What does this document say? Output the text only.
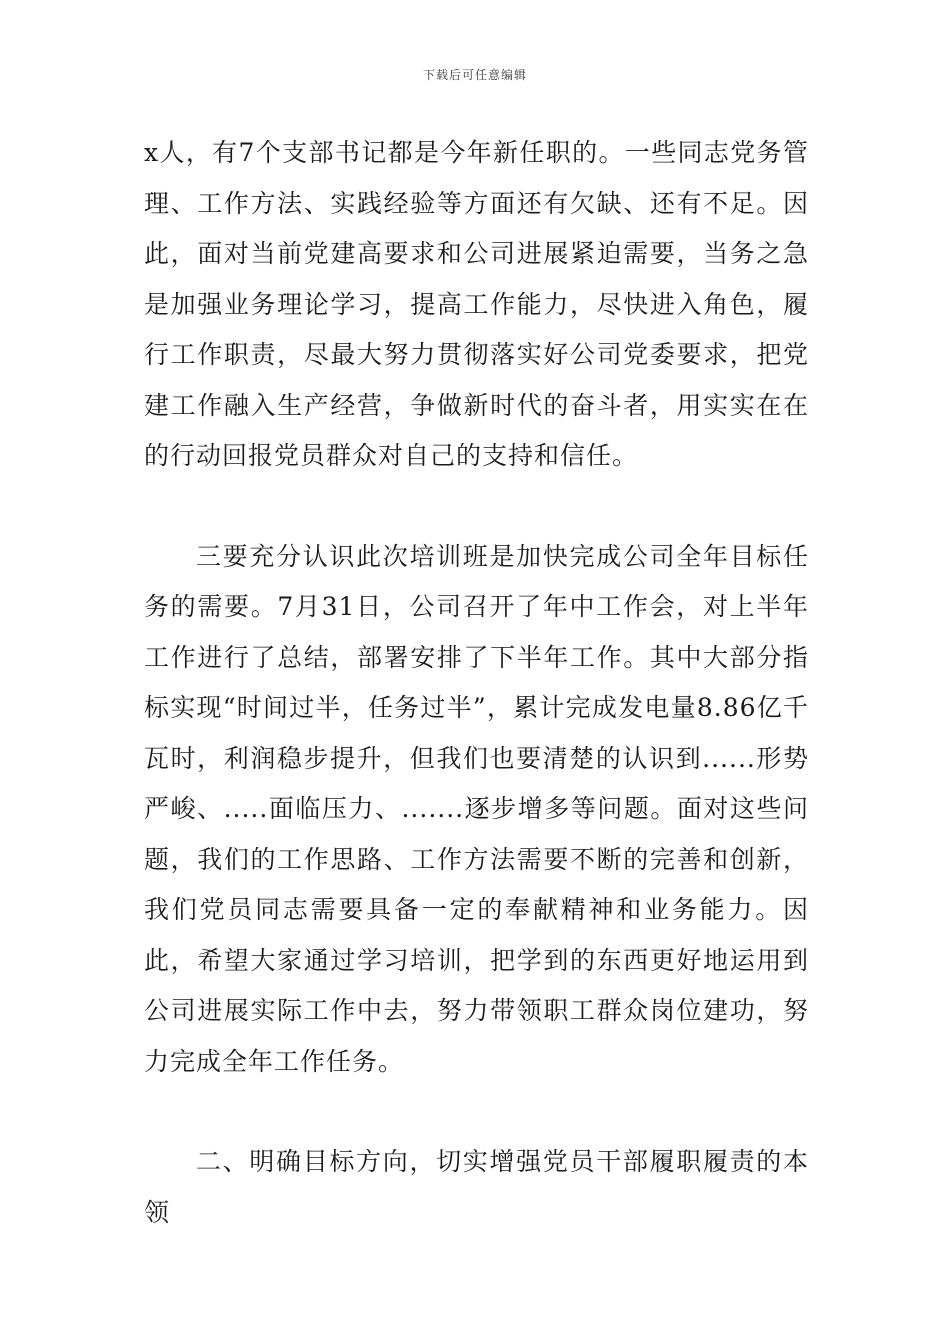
下载后可任意编辑

x人，有7个支部书记都是今年新任职的。一些同志党务管理、工作方法、实践经验等方面还有欠缺、还有不足。因此，面对当前党建高要求和公司进展紧迫需要，当务之急是加强业务理论学习，提高工作能力，尽快进入角色，履行工作职责，尽最大努力贯彻落实好公司党委要求，把党建工作融入生产经营，争做新时代的奋斗者，用实实在在的行动回报党员群众对自己的支持和信任。

三要充分认识此次培训班是加快完成公司全年目标任务的需要。7月31日，公司召开了年中工作会，对上半年工作进行了总结，部署安排了下半年工作。其中大部分指标实现“时间过半，任务过半”，累计完成发电量8.86亿千瓦时，利润稳步提升，但我们也要清楚的认识到......形势严峻、.....面临压力、.......逐步增多等问题。面对这些问题，我们的工作思路、工作方法需要不断的完善和创新，我们党员同志需要具备一定的奉献精神和业务能力。因此，希望大家通过学习培训，把学到的东西更好地运用到公司进展实际工作中去，努力带领职工群众岗位建功，努力完成全年工作任务。

二、明确目标方向，切实增强党员干部履职履责的本领
